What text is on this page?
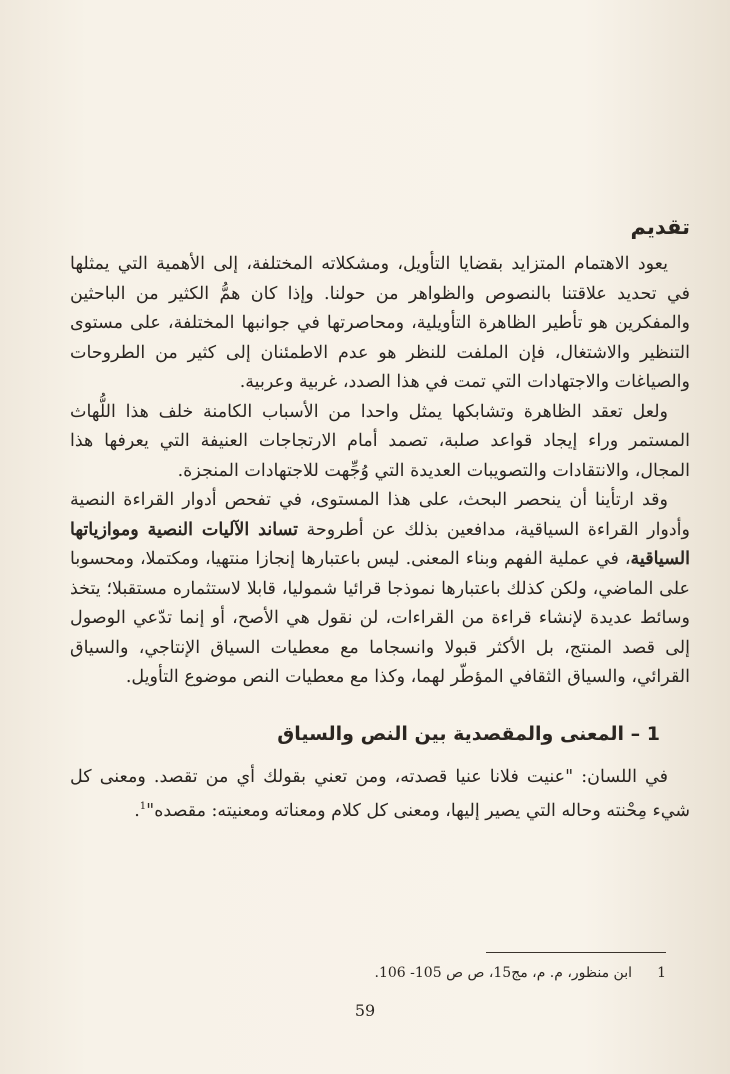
تقديم

يعود الاهتمام المتزايد بقضايا التأويل، ومشكلاته المختلفة، إلى الأهمية التي يمثلها في تحديد علاقتنا بالنصوص والظواهر من حولنا. وإذا كان همُّ الكثير من الباحثين والمفكرين هو تأطير الظاهرة التأويلية، ومحاصرتها في جوانبها المختلفة، على مستوى التنظير والاشتغال، فإن الملفت للنظر هو عدم الاطمئنان إلى كثير من الطروحات والصياغات والاجتهادات التي تمت في هذا الصدد، غربية وعربية.

ولعل تعقد الظاهرة وتشابكها يمثل واحدا من الأسباب الكامنة خلف هذا اللُّهاث المستمر وراء إيجاد قواعد صلبة، تصمد أمام الارتجاجات العنيفة التي يعرفها هذا المجال، والانتقادات والتصويبات العديدة التي وُجِّهت للاجتهادات المنجزة.

وقد ارتأينا أن ينحصر البحث، على هذا المستوى، في تفحص أدوار القراءة النصية وأدوار القراءة السياقية، مدافعين بذلك عن أطروحة تساند الآليات النصية وموازياتها السياقية، في عملية الفهم وبناء المعنى. ليس باعتبارها إنجازا منتهيا، ومكتملا، ومحسوبا على الماضي، ولكن كذلك باعتبارها نموذجا قرائيا شموليا، قابلا لاستثماره مستقبلا؛ يتخذ وسائط عديدة لإنشاء قراءة من القراءات، لن نقول هي الأصح، أو إنما تدّعي الوصول إلى قصد المنتج، بل الأكثر قبولا وانسجاما مع معطيات السياق الإنتاجي، والسياق القرائي، والسياق الثقافي المؤطّر لهما، وكذا مع معطيات النص موضوع التأويل.

1 – المعنى والمقصدية بين النص والسياق

في اللسان: "عنيت فلانا عنيا قصدته، ومن تعني بقولك أي من تقصد. ومعنى كل شيء مِحْنته وحاله التي يصير إليها، ومعنى كل كلام ومعناته ومعنيته: مقصده"$^1$.

1ابن منظور، م. م، مج15، ص ص 105- 106.
59
